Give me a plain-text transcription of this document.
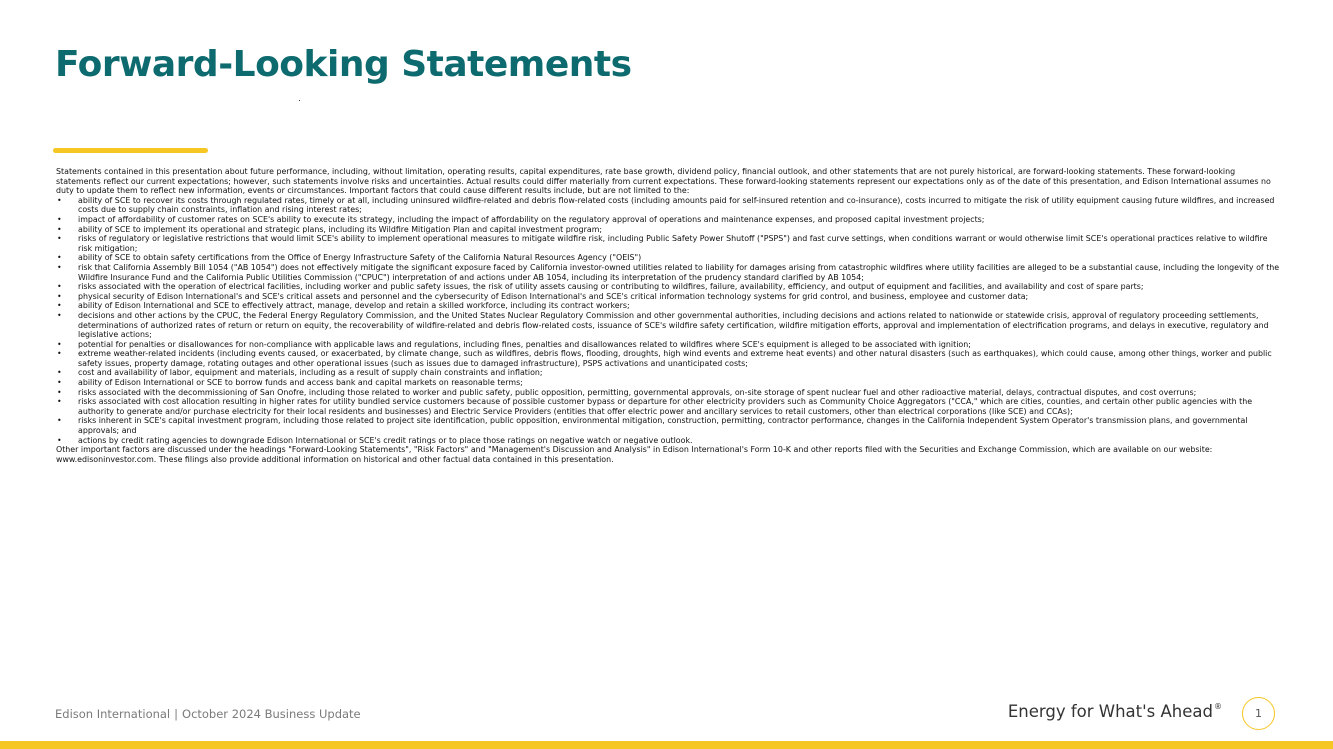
Forward-Looking Statements

Statements contained in this presentation about future performance, including, without limitation, operating results, capital expenditures, rate base growth, dividend policy, financial outlook, and other statements that are not purely historical, are forward-looking statements. These forward-looking statements reflect our current expectations; however, such statements involve risks and uncertainties. Actual results could differ materially from current expectations. These forward-looking statements represent our expectations only as of the date of this presentation, and Edison International assumes no duty to update them to reflect new information, events or circumstances. Important factors that could cause different results include, but are not limited to the:

• ability of SCE to recover its costs through regulated rates, timely or at all, including uninsured wildfire-related and debris flow-related costs (including amounts paid for self-insured retention and co-insurance), costs incurred to mitigate the risk of utility equipment causing future wildfires, and increased costs due to supply chain constraints, inflation and rising interest rates;
• impact of affordability of customer rates on SCE's ability to execute its strategy, including the impact of affordability on the regulatory approval of operations and maintenance expenses, and proposed capital investment projects;
• ability of SCE to implement its operational and strategic plans, including its Wildfire Mitigation Plan and capital investment program;
• risks of regulatory or legislative restrictions that would limit SCE's ability to implement operational measures to mitigate wildfire risk, including Public Safety Power Shutoff ("PSPS") and fast curve settings, when conditions warrant or would otherwise limit SCE's operational practices relative to wildfire risk mitigation;
• ability of SCE to obtain safety certifications from the Office of Energy Infrastructure Safety of the California Natural Resources Agency ("OEIS")
• risk that California Assembly Bill 1054 ("AB 1054") does not effectively mitigate the significant exposure faced by California investor-owned utilities related to liability for damages arising from catastrophic wildfires where utility facilities are alleged to be a substantial cause, including the longevity of the Wildfire Insurance Fund and the California Public Utilities Commission ("CPUC") interpretation of and actions under AB 1054, including its interpretation of the prudency standard clarified by AB 1054;
• risks associated with the operation of electrical facilities, including worker and public safety issues, the risk of utility assets causing or contributing to wildfires, failure, availability, efficiency, and output of equipment and facilities, and availability and cost of spare parts;
• physical security of Edison International's and SCE's critical assets and personnel and the cybersecurity of Edison International's and SCE's critical information technology systems for grid control, and business, employee and customer data;
• ability of Edison International and SCE to effectively attract, manage, develop and retain a skilled workforce, including its contract workers;
• decisions and other actions by the CPUC, the Federal Energy Regulatory Commission, and the United States Nuclear Regulatory Commission and other governmental authorities, including decisions and actions related to nationwide or statewide crisis, approval of regulatory proceeding settlements, determinations of authorized rates of return or return on equity, the recoverability of wildfire-related and debris flow-related costs, issuance of SCE's wildfire safety certification, wildfire mitigation efforts, approval and implementation of electrification programs, and delays in executive, regulatory and legislative actions;
• potential for penalties or disallowances for non-compliance with applicable laws and regulations, including fines, penalties and disallowances related to wildfires where SCE's equipment is alleged to be associated with ignition;
• extreme weather-related incidents (including events caused, or exacerbated, by climate change, such as wildfires, debris flows, flooding, droughts, high wind events and extreme heat events) and other natural disasters (such as earthquakes), which could cause, among other things, worker and public safety issues, property damage, rotating outages and other operational issues (such as issues due to damaged infrastructure), PSPS activations and unanticipated costs;
• cost and availability of labor, equipment and materials, including as a result of supply chain constraints and inflation;
• ability of Edison International or SCE to borrow funds and access bank and capital markets on reasonable terms;
• risks associated with the decommissioning of San Onofre, including those related to worker and public safety, public opposition, permitting, governmental approvals, on-site storage of spent nuclear fuel and other radioactive material, delays, contractual disputes, and cost overruns;
• risks associated with cost allocation resulting in higher rates for utility bundled service customers because of possible customer bypass or departure for other electricity providers such as Community Choice Aggregators ("CCA," which are cities, counties, and certain other public agencies with the authority to generate and/or purchase electricity for their local residents and businesses) and Electric Service Providers (entities that offer electric power and ancillary services to retail customers, other than electrical corporations (like SCE) and CCAs);
• risks inherent in SCE's capital investment program, including those related to project site identification, public opposition, environmental mitigation, construction, permitting, contractor performance, changes in the California Independent System Operator's transmission plans, and governmental approvals; and
• actions by credit rating agencies to downgrade Edison International or SCE's credit ratings or to place those ratings on negative watch or negative outlook.

Other important factors are discussed under the headings "Forward-Looking Statements", "Risk Factors" and "Management's Discussion and Analysis" in Edison International's Form 10-K and other reports filed with the Securities and Exchange Commission, which are available on our website: www.edisoninvestor.com. These filings also provide additional information on historical and other factual data contained in this presentation.

Edison International | October 2024 Business Update	Energy for What's Ahead®
1
